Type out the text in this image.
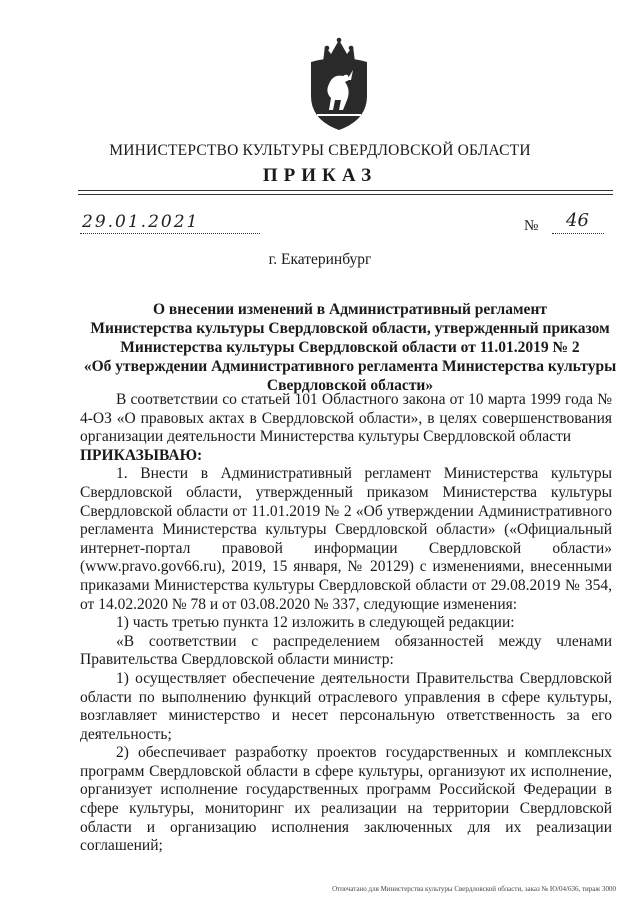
МИНИСТЕРСТВО КУЛЬТУРЫ СВЕРДЛОВСКОЙ ОБЛАСТИ
ПРИКАЗ
29.01.2021	№ 46
г. Екатеринбург
О внесении изменений в Административный регламент
Министерства культуры Свердловской области, утвержденный приказом
Министерства культуры Свердловской области от 11.01.2019 № 2
«Об утверждении Административного регламента Министерства культуры
Свердловской области»

В соответствии со статьей 101 Областного закона от 10 марта 1999 года № 4-ОЗ «О правовых актах в Свердловской области», в целях совершенствования организации деятельности Министерства культуры Свердловской области

ПРИКАЗЫВАЮ:

1. Внести в Административный регламент Министерства культуры Свердловской области, утвержденный приказом Министерства культуры Свердловской области от 11.01.2019 № 2 «Об утверждении Административного регламента Министерства культуры Свердловской области» («Официальный интернет-портал правовой информации Свердловской области» (www.pravo.gov66.ru), 2019, 15 января, № 20129) с изменениями, внесенными приказами Министерства культуры Свердловской области от 29.08.2019 № 354, от 14.02.2020 № 78 и от 03.08.2020 № 337, следующие изменения:

1) часть третью пункта 12 изложить в следующей редакции:

«В соответствии с распределением обязанностей между членами Правительства Свердловской области министр:

1) осуществляет обеспечение деятельности Правительства Свердловской области по выполнению функций отраслевого управления в сфере культуры, возглавляет министерство и несет персональную ответственность за его деятельность;

2) обеспечивает разработку проектов государственных и комплексных программ Свердловской области в сфере культуры, организуют их исполнение, организует исполнение государственных программ Российской Федерации в сфере культуры, мониторинг их реализации на территории Свердловской области и организацию исполнения заключенных для их реализации соглашений;

Отпечатано для Министерства культуры Свердловской области, заказ № Ю/04/636, тираж 3000
